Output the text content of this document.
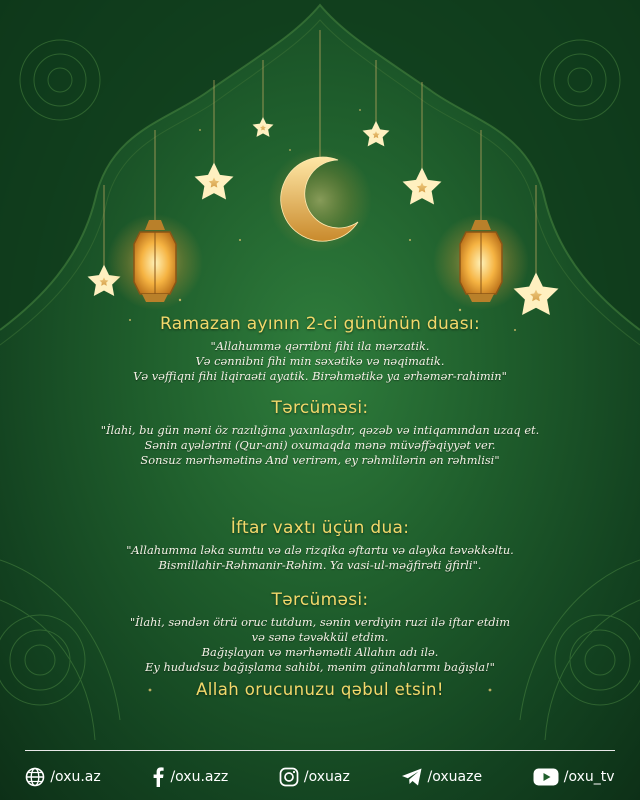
Ramazan ayının 2-ci gününün duası:
"Allahummə qərribni fihi ila mərzatik.
Və cənnibni fihi min səxətikə və nəqimatik.
Və vəffiqni fihi liqiraəti ayatik. Birəhmətikə ya ərhəmər-rahimin"
Tərcüməsi:
"İlahi, bu gün məni öz razılığına yaxınlaşdır, qəzəb və intiqamından uzaq et.
Sənin ayələrini (Qur-ani) oxumaqda mənə müvəffəqiyyət ver.
Sonsuz mərhəmətinə And verirəm, ey rəhmlilərin ən rəhmlisi"
İftar vaxtı üçün dua:
"Allahumma ləka sumtu və alə rizqika əftartu və aləyka təvəkkəltu.
Bismillahir-Rəhmanir-Rəhim. Ya vasi-ul-məğfirəti ğfirli".
Tərcüməsi:
"İlahi, səndən ötrü oruc tutdum, sənin verdiyin ruzi ilə iftar etdim
və sənə təvəkkül etdim.
Bağışlayan və mərhəmətli Allahın adı ilə.
Ey hududsuz bağışlama sahibi, mənim günahlarımı bağışla!"
Allah orucunuzu qəbul etsin!
/oxu.az	/oxu.azz	/oxuaz	/oxuaze	/oxu_tv
